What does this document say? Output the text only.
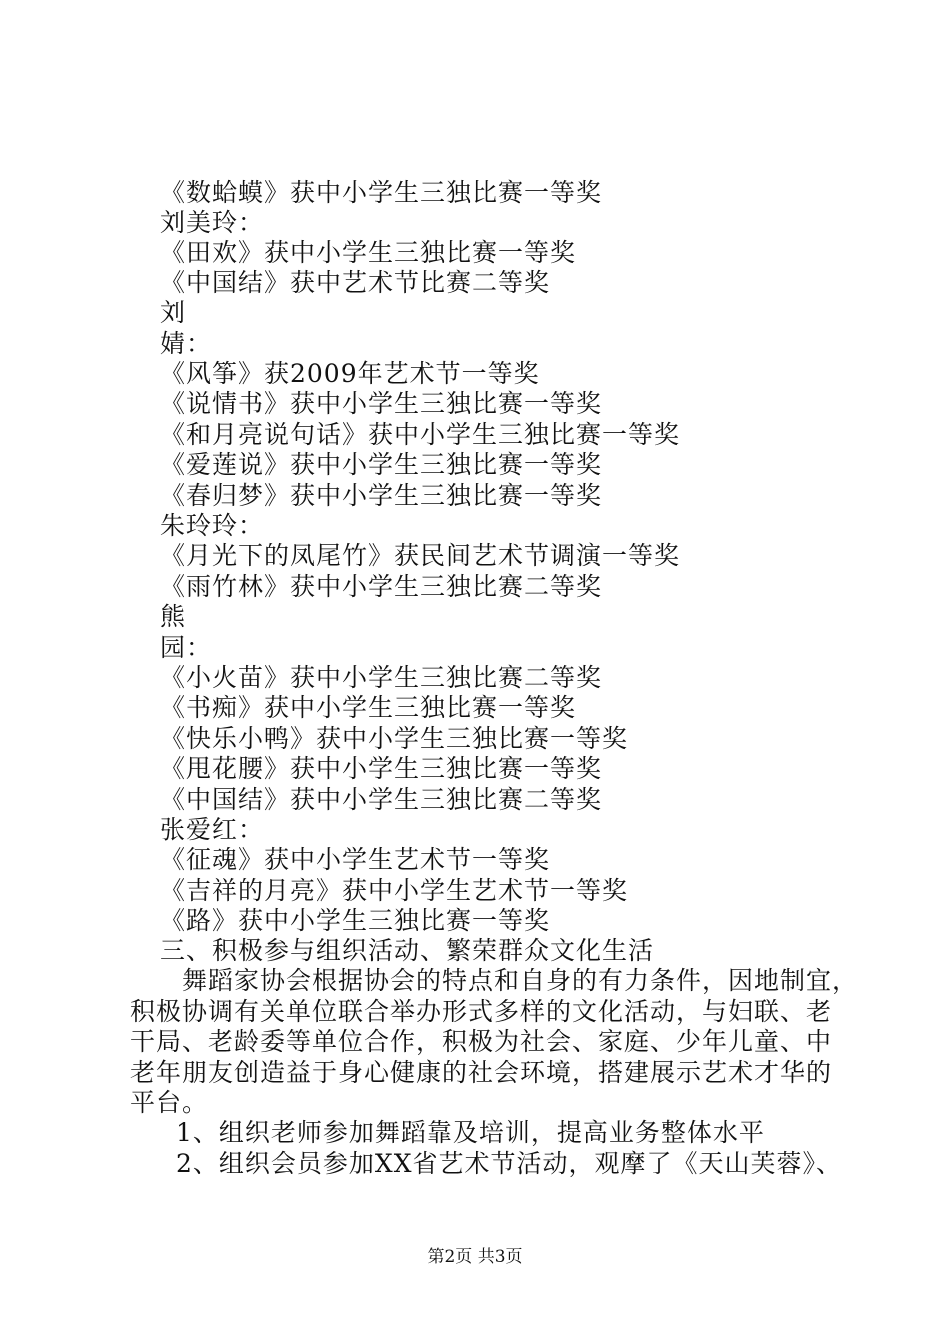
《数蛤蟆》获中小学生三独比赛一等奖
刘美玲：
《田欢》获中小学生三独比赛一等奖
《中国结》获中艺术节比赛二等奖
刘
婧：
《风筝》获2009年艺术节一等奖
《说情书》获中小学生三独比赛一等奖
《和月亮说句话》获中小学生三独比赛一等奖
《爱莲说》获中小学生三独比赛一等奖
《春归梦》获中小学生三独比赛一等奖
朱玲玲：
《月光下的凤尾竹》获民间艺术节调演一等奖
《雨竹林》获中小学生三独比赛二等奖
熊
园：
《小火苗》获中小学生三独比赛二等奖
《书痴》获中小学生三独比赛一等奖
《快乐小鸭》获中小学生三独比赛一等奖
《甩花腰》获中小学生三独比赛一等奖
《中国结》获中小学生三独比赛二等奖
张爱红：
《征魂》获中小学生艺术节一等奖
《吉祥的月亮》获中小学生艺术节一等奖
《路》获中小学生三独比赛一等奖
三、积极参与组织活动、繁荣群众文化生活
舞蹈家协会根据协会的特点和自身的有力条件，因地制宜，
积极协调有关单位联合举办形式多样的文化活动，与妇联、老
干局、老龄委等单位合作，积极为社会、家庭、少年儿童、中
老年朋友创造益于身心健康的社会环境，搭建展示艺术才华的
平台。
1、组织老师参加舞蹈靠及培训，提高业务整体水平
2、组织会员参加XX省艺术节活动，观摩了《天山芙蓉》、
第2页 共3页
